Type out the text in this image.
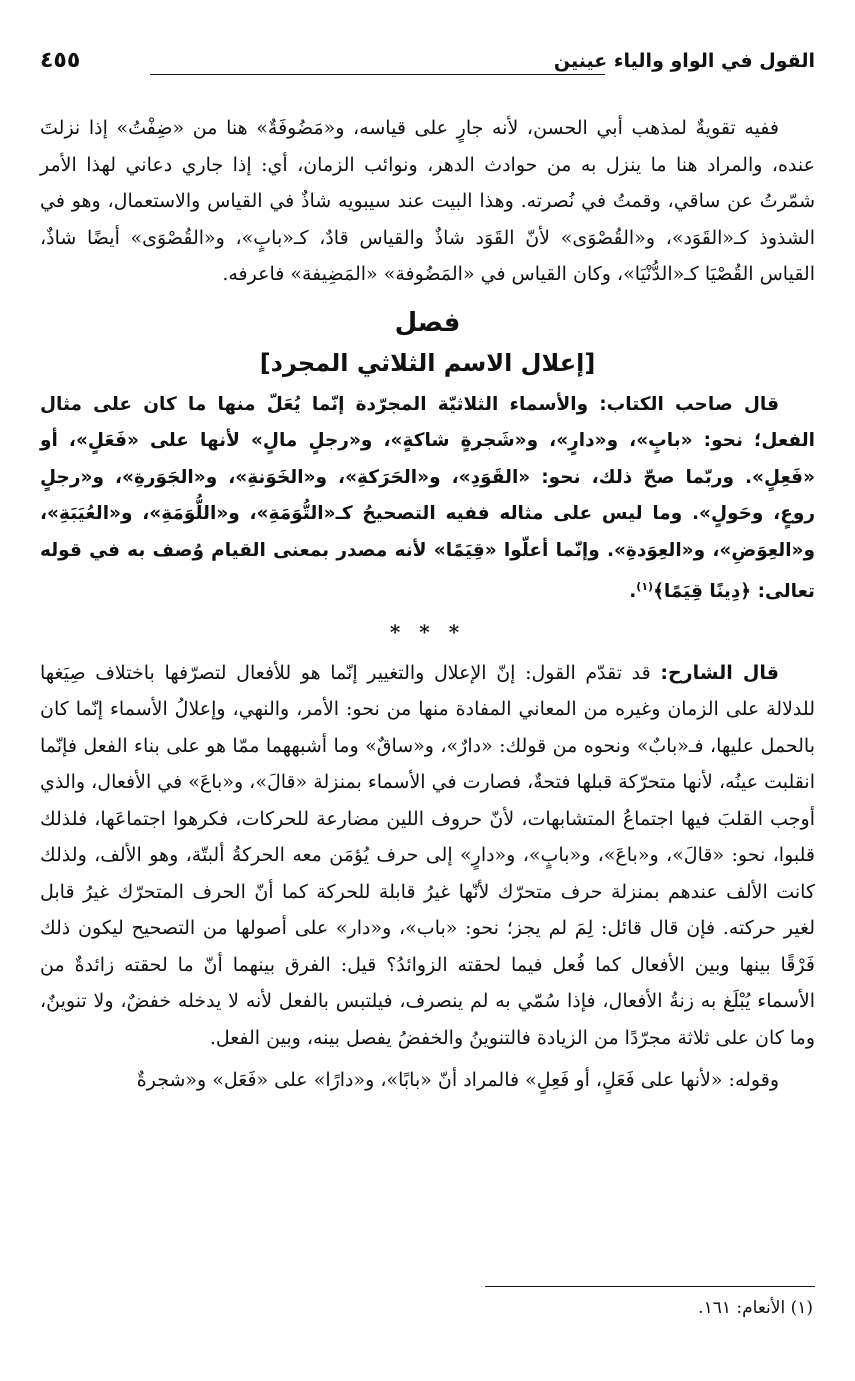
القول في الواو والياء عينين
٤٥٥

ففيه تقويةٌ لمذهب أبي الحسن، لأنه جارٍ على قياسه، و«مَضُوفَةٌ» هنا من «ضِفْتُ» إذا نزلتَ عنده، والمراد هنا ما ينزل به من حوادث الدهر، ونوائب الزمان، أي: إذا جاري دعاني لهذا الأمر شمّرتُ عن ساقي، وقمتُ في نُصرته. وهذا البيت عند سيبويه شاذٌ في القياس والاستعمال، وهو في الشذوذ كـ«القَوَد»، و«القُصْوَى» لأنّ القَوَد شاذٌ والقياس قادٌ، كـ«بابٍ»، و«القُصْوَى» أيضًا شاذٌ، القياس القُصْيَا كـ«الدُّنْيَا»، وكان القياس في «المَضُوفة» «المَضِيفة» فاعرفه.

فصل
[إعلال الاسم الثلاثي المجرد]

قال صاحب الكتاب: والأسماء الثلاثيّة المجرّدة إنّما يُعَلّ منها ما كان على مثال الفعل؛ نحو: «بابٍ»، و«دارٍ»، و«شَجرةٍ شاكةٍ»، و«رجلٍ مالٍ» لأنها على «فَعَلٍ»، أو «فَعِلٍ». وربّما صحّ ذلك، نحو: «القَوَدِ»، و«الحَرَكةِ»، و«الخَوَنةِ»، و«الجَوَرةِ»، و«رجلٍ روعٍ، وحَولٍ». وما ليس على مثاله ففيه التصحيحُ كـ«التُّوَمَةِ»، و«اللُّوَمَةِ»، و«العُيَبَةِ»، و«العِوَضِ»، و«العِوَدةِ». وإنّما أعلّوا «قِيَمًا» لأنه مصدر بمعنى القيام وُصف به في قوله تعالى: ﴿دِينًا قِيَمًا﴾$^{(١)}$.

* * *

قال الشارح: قد تقدّم القول: إنّ الإعلال والتغيير إنّما هو للأفعال لتصرّفها باختلاف صِيَغها للدلالة على الزمان وغيره من المعاني المفادة منها من نحو: الأمر، والنهي، وإعلالُ الأسماء إنّما كان بالحمل عليها، فـ«بابٌ» ونحوه من قولك: «دارٌ»، و«ساقٌ» وما أشبههما ممّا هو على بناء الفعل فإنّما انقلبت عينُه، لأنها متحرّكة قبلها فتحةٌ، فصارت في الأسماء بمنزلة «قالَ»، و«باعَ» في الأفعال، والذي أوجب القلبَ فيها اجتماعُ المتشابهات، لأنّ حروف اللين مضارعة للحركات، فكرهوا اجتماعَها، فلذلك قلبوا، نحو: «قالَ»، و«باعَ»، و«بابٍ»، و«دارٍ» إلى حرف يُؤمَن معه الحركةُ ألبتّة، وهو الألف، ولذلك كانت الألف عندهم بمنزلة حرف متحرّك لأنّها غيرُ قابلة للحركة كما أنّ الحرف المتحرّك غيرُ قابل لغير حركته. فإن قال قائل: لِمَ لم يجز؛ نحو: «باب»، و«دار» على أصولها من التصحيح ليكون ذلك فَرْقًا بينها وبين الأفعال كما فُعل فيما لحقته الزوائدُ؟ قيل: الفرق بينهما أنّ ما لحقته زائدةٌ من الأسماء يُبْلَغ به زنةُ الأفعال، فإذا سُمّي به لم ينصرف، فيلتبس بالفعل لأنه لا يدخله خفضٌ، ولا تنوينٌ، وما كان على ثلاثة مجرّدًا من الزيادة فالتنوينُ والخفضُ يفصل بينه، وبين الفعل.

وقوله: «لأنها على فَعَلٍ، أو فَعِلٍ» فالمراد أنّ «بابًا»، و«دارًا» على «فَعَل» و«شجرةٌ

(١) الأنعام: ١٦١.
